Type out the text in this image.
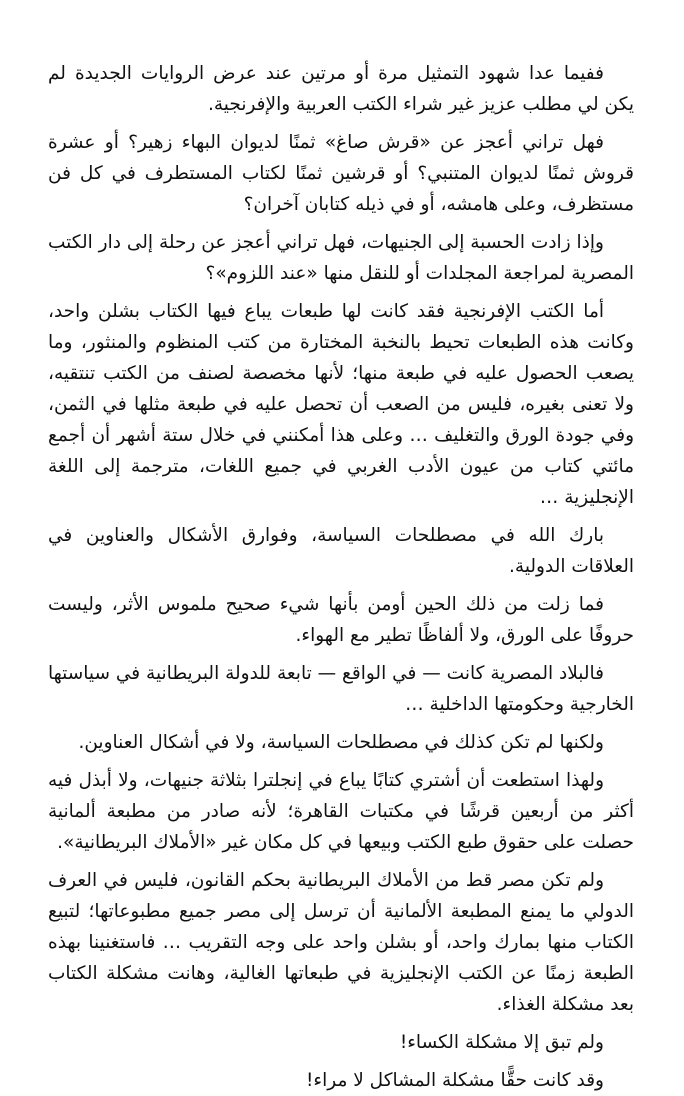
ففيما عدا شهود التمثيل مرة أو مرتين عند عرض الروايات الجديدة لم يكن لي مطلب عزيز غير شراء الكتب العربية والإفرنجية.

فهل تراني أعجز عن «قرش صاغ» ثمنًا لديوان البهاء زهير؟ أو عشرة قروش ثمنًا لديوان المتنبي؟ أو قرشين ثمنًا لكتاب المستطرف في كل فن مستظرف، وعلى هامشه، أو في ذيله كتابان آخران؟

وإذا زادت الحسبة إلى الجنيهات، فهل تراني أعجز عن رحلة إلى دار الكتب المصرية لمراجعة المجلدات أو للنقل منها «عند اللزوم»؟

أما الكتب الإفرنجية فقد كانت لها طبعات يباع فيها الكتاب بشلن واحد، وكانت هذه الطبعات تحيط بالنخبة المختارة من كتب المنظوم والمنثور، وما يصعب الحصول عليه في طبعة منها؛ لأنها مخصصة لصنف من الكتب تنتقيه، ولا تعنى بغيره، فليس من الصعب أن تحصل عليه في طبعة مثلها في الثمن، وفي جودة الورق والتغليف … وعلى هذا أمكنني في خلال ستة أشهر أن أجمع مائتي كتاب من عيون الأدب الغربي في جميع اللغات، مترجمة إلى اللغة الإنجليزية …

بارك الله في مصطلحات السياسة، وفوارق الأشكال والعناوين في العلاقات الدولية.

فما زلت من ذلك الحين أومن بأنها شيء صحيح ملموس الأثر، وليست حروفًا على الورق، ولا ألفاظًا تطير مع الهواء.

فالبلاد المصرية كانت — في الواقع — تابعة للدولة البريطانية في سياستها الخارجية وحكومتها الداخلية …

ولكنها لم تكن كذلك في مصطلحات السياسة، ولا في أشكال العناوين.

ولهذا استطعت أن أشتري كتابًا يباع في إنجلترا بثلاثة جنيهات، ولا أبذل فيه أكثر من أربعين قرشًا في مكتبات القاهرة؛ لأنه صادر من مطبعة ألمانية حصلت على حقوق طبع الكتب وبيعها في كل مكان غير «الأملاك البريطانية».

ولم تكن مصر قط من الأملاك البريطانية بحكم القانون، فليس في العرف الدولي ما يمنع المطبعة الألمانية أن ترسل إلى مصر جميع مطبوعاتها؛ لتبيع الكتاب منها بمارك واحد، أو بشلن واحد على وجه التقريب … فاستغنينا بهذه الطبعة زمنًا عن الكتب الإنجليزية في طبعاتها الغالية، وهانت مشكلة الكتاب بعد مشكلة الغذاء.

ولم تبق إلا مشكلة الكساء!

وقد كانت حقًّا مشكلة المشاكل لا مراء!
